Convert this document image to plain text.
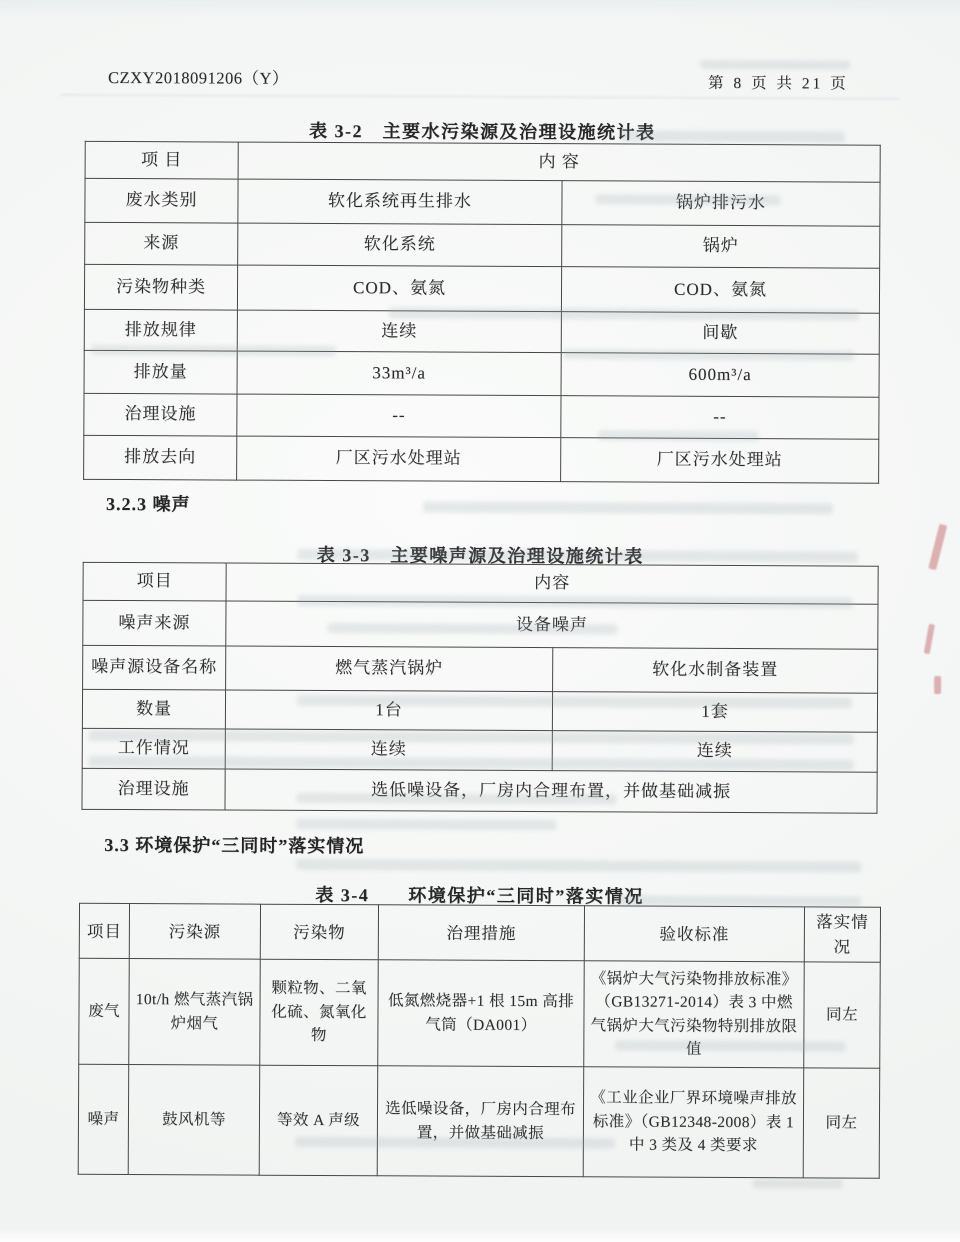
CZXY2018091206（Y）	第 8 页 共 21 页
表 3-2　主要水污染源及治理设施统计表
项 目	内 容	
废水类别	软化系统再生排水	锅炉排污水
来源	软化系统	锅炉
污染物种类	COD、氨氮	COD、氨氮
排放规律	连续	间歇
排放量	33m³/a	600m³/a
治理设施	--	--
排放去向	厂区污水处理站	厂区污水处理站
3.2.3 噪声
表 3-3　主要噪声源及治理设施统计表
项目	内容	
噪声来源	设备噪声	
噪声源设备名称	燃气蒸汽锅炉	软化水制备装置
数量	1台	1套
工作情况	连续	连续
治理设施	选低噪设备，厂房内合理布置，并做基础减振	
3.3 环境保护“三同时”落实情况
表 3-4　　环境保护“三同时”落实情况
项目	污染源	污染物	治理措施	验收标准	落实情况
废气	10t/h 燃气蒸汽锅炉烟气	颗粒物、二氧化硫、氮氧化物	低氮燃烧器+1 根 15m 高排气筒（DA001）	《锅炉大气污染物排放标准》（GB13271-2014）表 3 中燃气锅炉大气污染物特别排放限值	同左
噪声	鼓风机等	等效 A 声级	选低噪设备，厂房内合理布置，并做基础减振	《工业企业厂界环境噪声排放标准》（GB12348-2008）表 1 中 3 类及 4 类要求	同左
